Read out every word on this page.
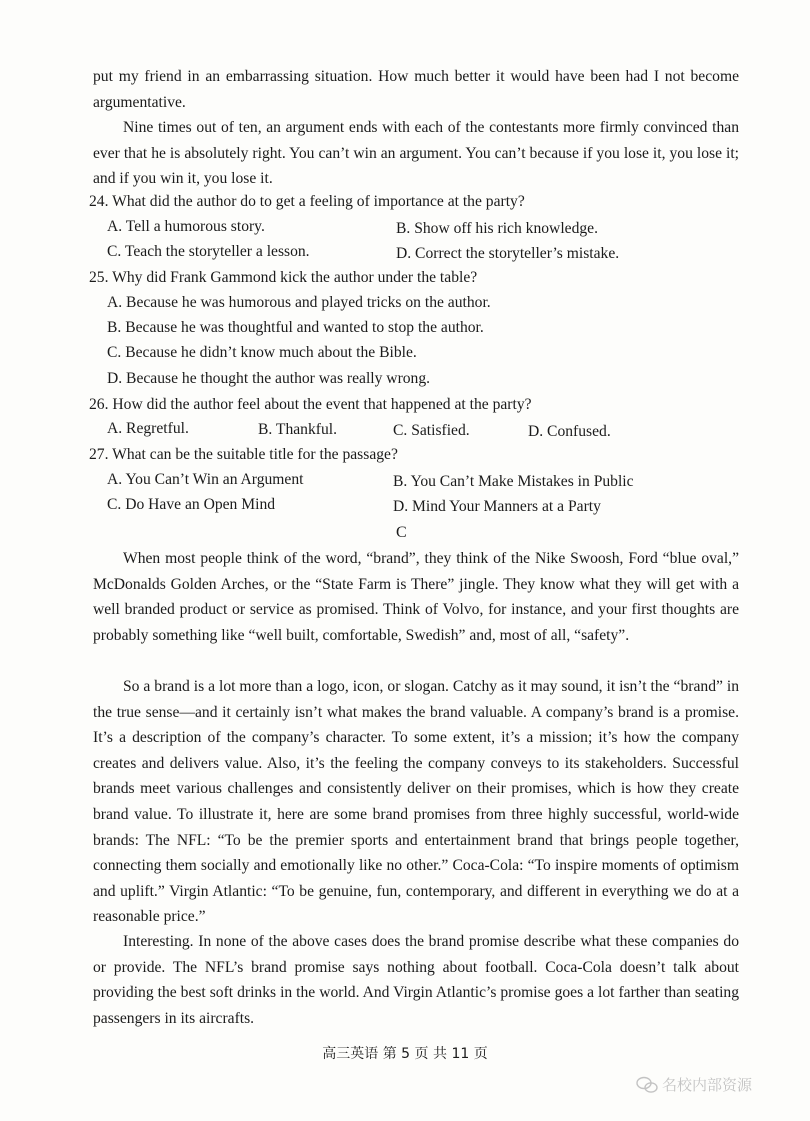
put my friend in an embarrassing situation. How much better it would have been had I not become argumentative.

Nine times out of ten, an argument ends with each of the contestants more firmly convinced than ever that he is absolutely right. You can’t win an argument. You can’t because if you lose it, you lose it; and if you win it, you lose it.

24. What did the author do to get a feeling of importance at the party?

A. Tell a humorous story.	B. Show off his rich knowledge.

C. Teach the storyteller a lesson.	D. Correct the storyteller’s mistake.

25. Why did Frank Gammond kick the author under the table?

A. Because he was humorous and played tricks on the author.

B. Because he was thoughtful and wanted to stop the author.

C. Because he didn’t know much about the Bible.

D. Because he thought the author was really wrong.

26. How did the author feel about the event that happened at the party?

A. Regretful.	B. Thankful.	C. Satisfied.	D. Confused.

27. What can be the suitable title for the passage?

A. You Can’t Win an Argument	B. You Can’t Make Mistakes in Public

C. Do Have an Open Mind	D. Mind Your Manners at a Party

C

When most people think of the word, “brand”, they think of the Nike Swoosh, Ford “blue oval,” McDonalds Golden Arches, or the “State Farm is There” jingle. They know what they will get with a well branded product or service as promised. Think of Volvo, for instance, and your first thoughts are probably something like “well built, comfortable, Swedish” and, most of all, “safety”.

So a brand is a lot more than a logo, icon, or slogan. Catchy as it may sound, it isn’t the “brand” in the true sense—and it certainly isn’t what makes the brand valuable. A company’s brand is a promise. It’s a description of the company’s character. To some extent, it’s a mission; it’s how the company creates and delivers value. Also, it’s the feeling the company conveys to its stakeholders. Successful brands meet various challenges and consistently deliver on their promises, which is how they create brand value. To illustrate it, here are some brand promises from three highly successful, world-wide brands: The NFL: “To be the premier sports and entertainment brand that brings people together, connecting them socially and emotionally like no other.” Coca-Cola: “To inspire moments of optimism and uplift.” Virgin Atlantic: “To be genuine, fun, contemporary, and different in everything we do at a reasonable price.”

Interesting. In none of the above cases does the brand promise describe what these companies do or provide. The NFL’s brand promise says nothing about football. Coca-Cola doesn’t talk about providing the best soft drinks in the world. And Virgin Atlantic’s promise goes a lot farther than seating passengers in its aircrafts.

高三英语 第 5 页 共 11 页
名校内部资源
